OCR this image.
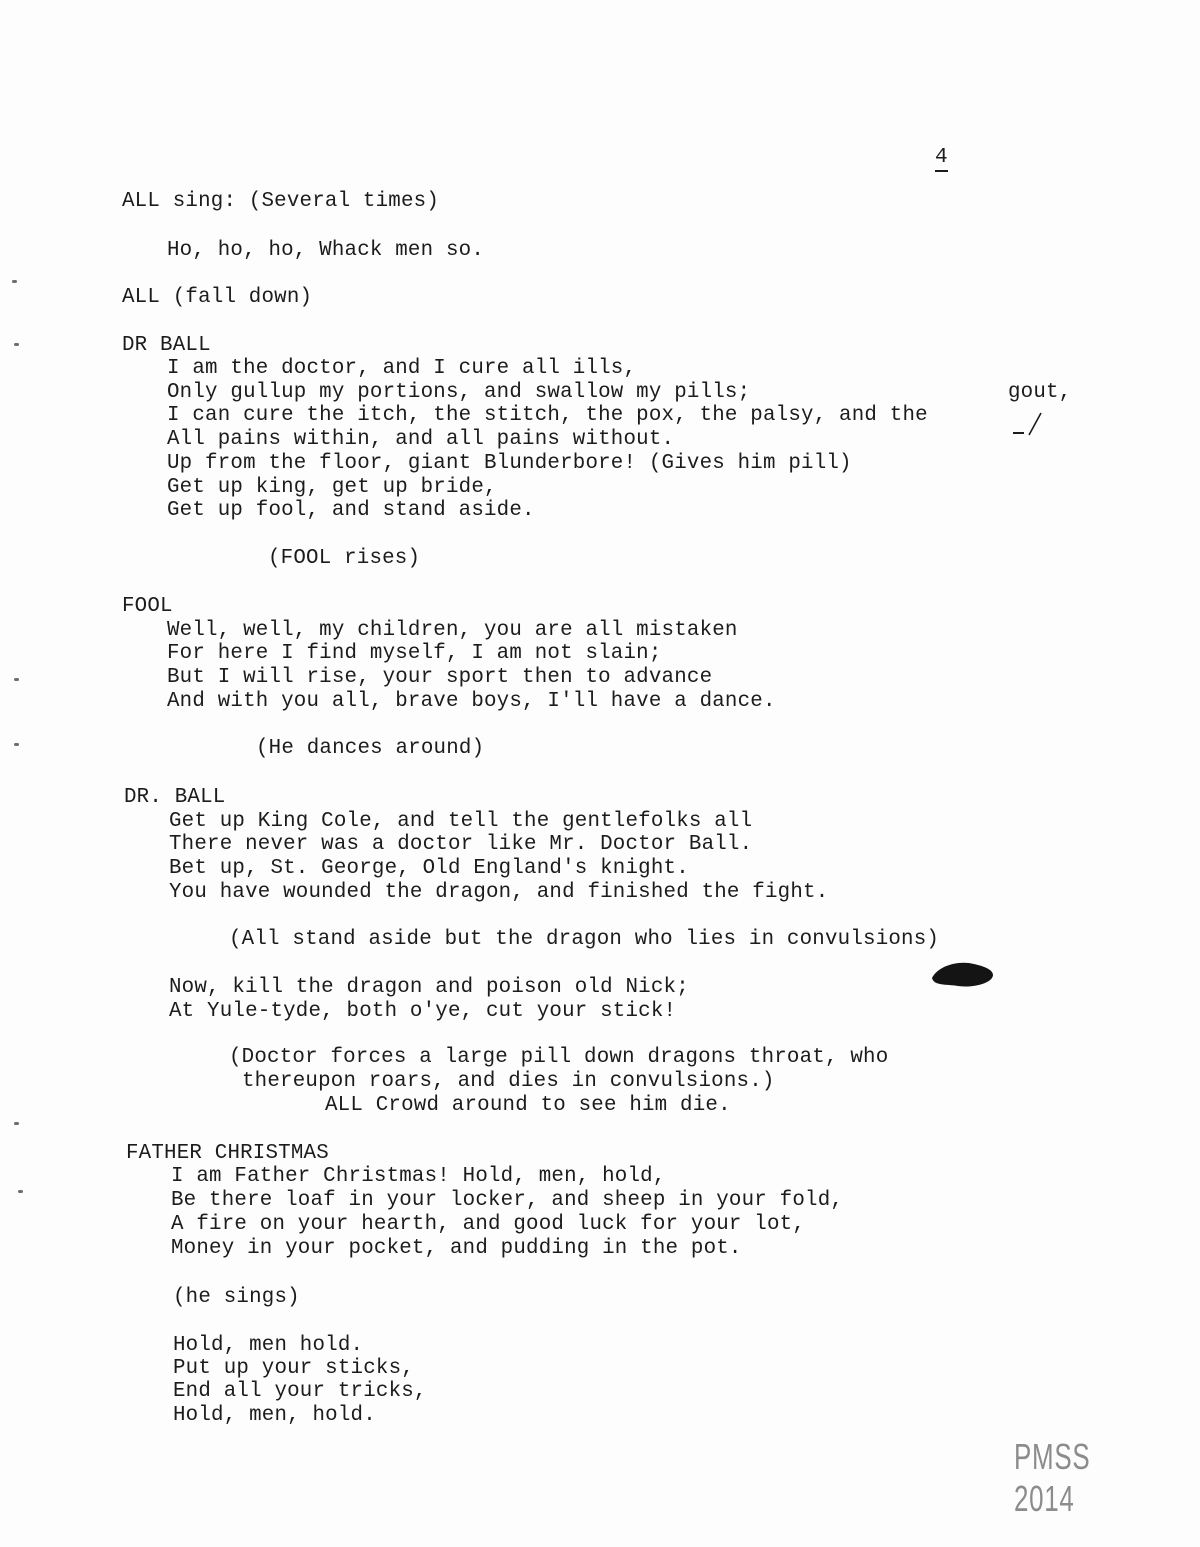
4
ALL sing: (Several times)
Ho, ho, ho, Whack men so.
ALL (fall down)
DR BALL
I am the doctor, and I cure all ills,
Only gullup my portions, and swallow my pills;	gout,
I can cure the itch, the stitch, the pox, the palsy, and the
All pains within, and all pains without.
Up from the floor, giant Blunderbore! (Gives him pill)
Get up king, get up bride,
Get up fool, and stand aside.
(FOOL rises)
FOOL
Well, well, my children, you are all mistaken
For here I find myself, I am not slain;
But I will rise, your sport then to advance
And with you all, brave boys, I'll have a dance.
(He dances around)
DR. BALL
Get up King Cole, and tell the gentlefolks all
There never was a doctor like Mr. Doctor Ball.
Bet up, St. George, Old England's knight.
You have wounded the dragon, and finished the fight.
(All stand aside but the dragon who lies in convulsions)
Now, kill the dragon and poison old Nick;
At Yule-tyde, both o'ye, cut your stick!
(Doctor forces a large pill down dragons throat, who
thereupon roars, and dies in convulsions.)
ALL Crowd around to see him die.
FATHER CHRISTMAS
I am Father Christmas! Hold, men, hold,
Be there loaf in your locker, and sheep in your fold,
A fire on your hearth, and good luck for your lot,
Money in your pocket, and pudding in the pot.
(he sings)
Hold, men hold.
Put up your sticks,
End all your tricks,
Hold, men, hold.
PMSS 2014
